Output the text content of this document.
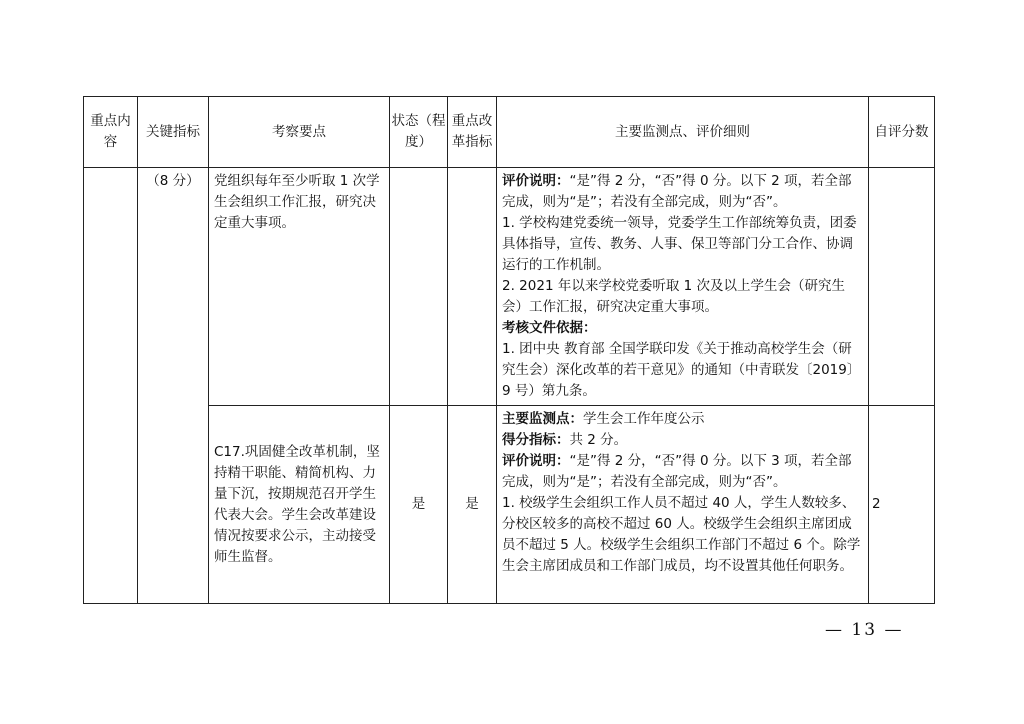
重点内容	关键指标	考察要点	状态（程度）	重点改革指标	主要监测点、评价细则	自评分数
	（8 分）	党组织每年至少听取 1 次学生会组织工作汇报，研究决定重大事项。			评价说明：“是”得 2 分，“否”得 0 分。以下 2 项，若全部完成，则为“是”；若没有全部完成，则为“否”。
1. 学校构建党委统一领导，党委学生工作部统筹负责，团委具体指导，宣传、教务、人事、保卫等部门分工合作、协调运行的工作机制。
2. 2021 年以来学校党委听取 1 次及以上学生会（研究生会）工作汇报，研究决定重大事项。
考核文件依据：
1. 团中央 教育部 全国学联印发《关于推动高校学生会（研究生会）深化改革的若干意见》的通知（中青联发〔2019〕9 号）第九条。	

		C17.巩固健全改革机制，坚持精干职能、精简机构、力量下沉，按期规范召开学生代表大会。学生会改革建设情况按要求公示，主动接受师生监督。	是	是	主要监测点：学生会工作年度公示
得分指标：共 2 分。
评价说明：“是”得 2 分，“否”得 0 分。以下 3 项，若全部完成，则为“是”；若没有全部完成，则为“否”。
1. 校级学生会组织工作人员不超过 40 人，学生人数较多、分校区较多的高校不超过 60 人。校级学生会组织主席团成员不超过 5 人。校级学生会组织工作部门不超过 6 个。除学生会主席团成员和工作部门成员，均不设置其他任何职务。	2
— 13 —
